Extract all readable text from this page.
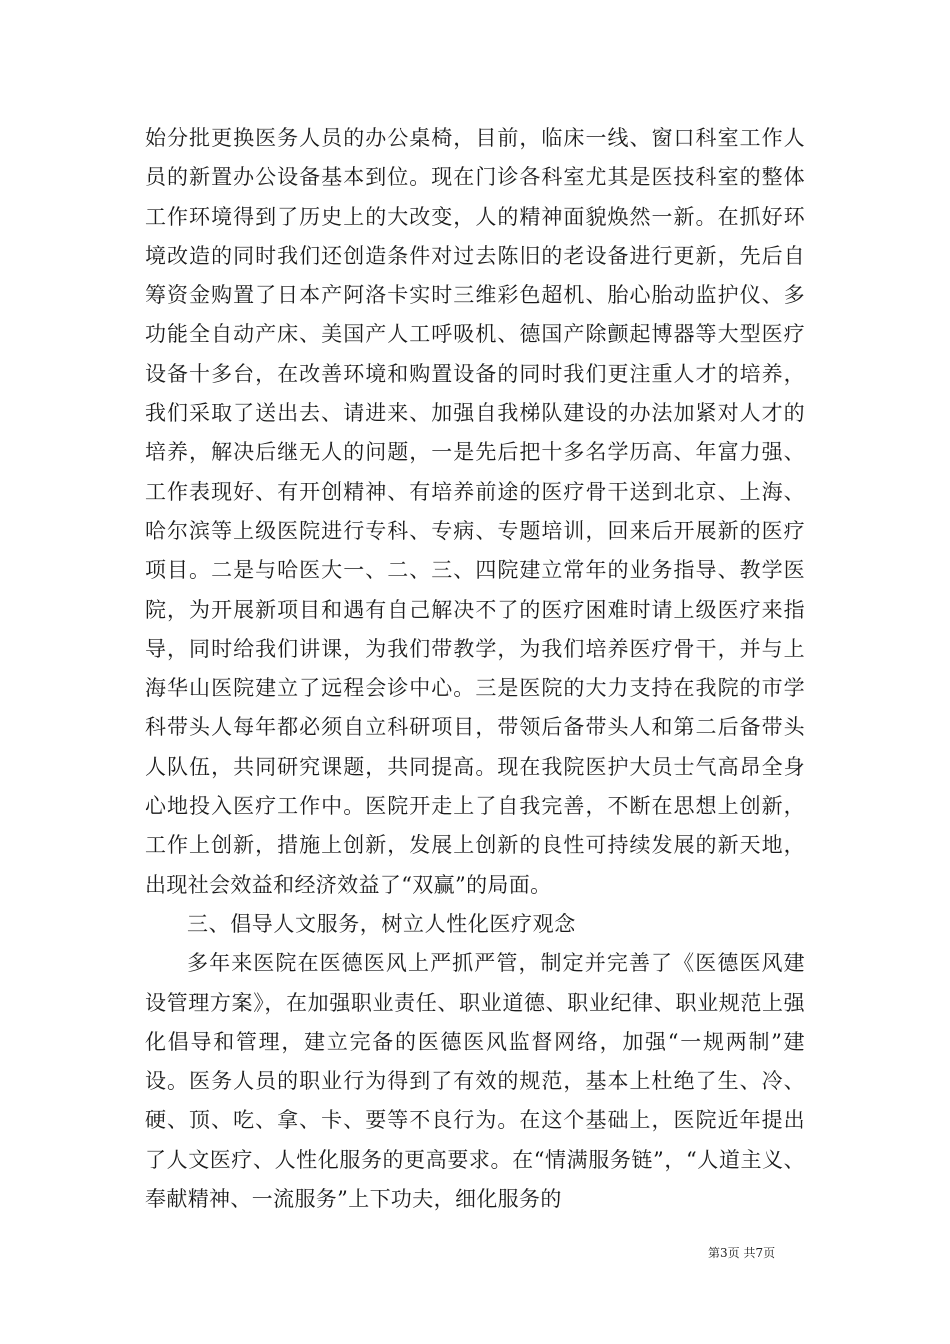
始分批更换医务人员的办公桌椅，目前，临床一线、窗口科室工作人员的新置办公设备基本到位。现在门诊各科室尤其是医技科室的整体工作环境得到了历史上的大改变，人的精神面貌焕然一新。在抓好环境改造的同时我们还创造条件对过去陈旧的老设备进行更新，先后自筹资金购置了日本产阿洛卡实时三维彩色超机、胎心胎动监护仪、多功能全自动产床、美国产人工呼吸机、德国产除颤起博器等大型医疗设备十多台，在改善环境和购置设备的同时我们更注重人才的培养，我们采取了送出去、请进来、加强自我梯队建设的办法加紧对人才的培养，解决后继无人的问题，一是先后把十多名学历高、年富力强、工作表现好、有开创精神、有培养前途的医疗骨干送到北京、上海、哈尔滨等上级医院进行专科、专病、专题培训，回来后开展新的医疗项目。二是与哈医大一、二、三、四院建立常年的业务指导、教学医院，为开展新项目和遇有自己解决不了的医疗困难时请上级医疗来指导，同时给我们讲课，为我们带教学，为我们培养医疗骨干，并与上海华山医院建立了远程会诊中心。三是医院的大力支持在我院的市学科带头人每年都必须自立科研项目，带领后备带头人和第二后备带头人队伍，共同研究课题，共同提高。现在我院医护大员士气高昂全身心地投入医疗工作中。医院开走上了自我完善，不断在思想上创新，工作上创新，措施上创新，发展上创新的良性可持续发展的新天地，出现社会效益和经济效益了“双赢”的局面。

三、倡导人文服务，树立人性化医疗观念

多年来医院在医德医风上严抓严管，制定并完善了《医德医风建设管理方案》，在加强职业责任、职业道德、职业纪律、职业规范上强化倡导和管理，建立完备的医德医风监督网络，加强“一规两制”建设。医务人员的职业行为得到了有效的规范，基本上杜绝了生、冷、硬、顶、吃、拿、卡、要等不良行为。在这个基础上，医院近年提出了人文医疗、人性化服务的更高要求。在“情满服务链”，“人道主义、奉献精神、一流服务”上下功夫，细化服务的

第3页 共7页
